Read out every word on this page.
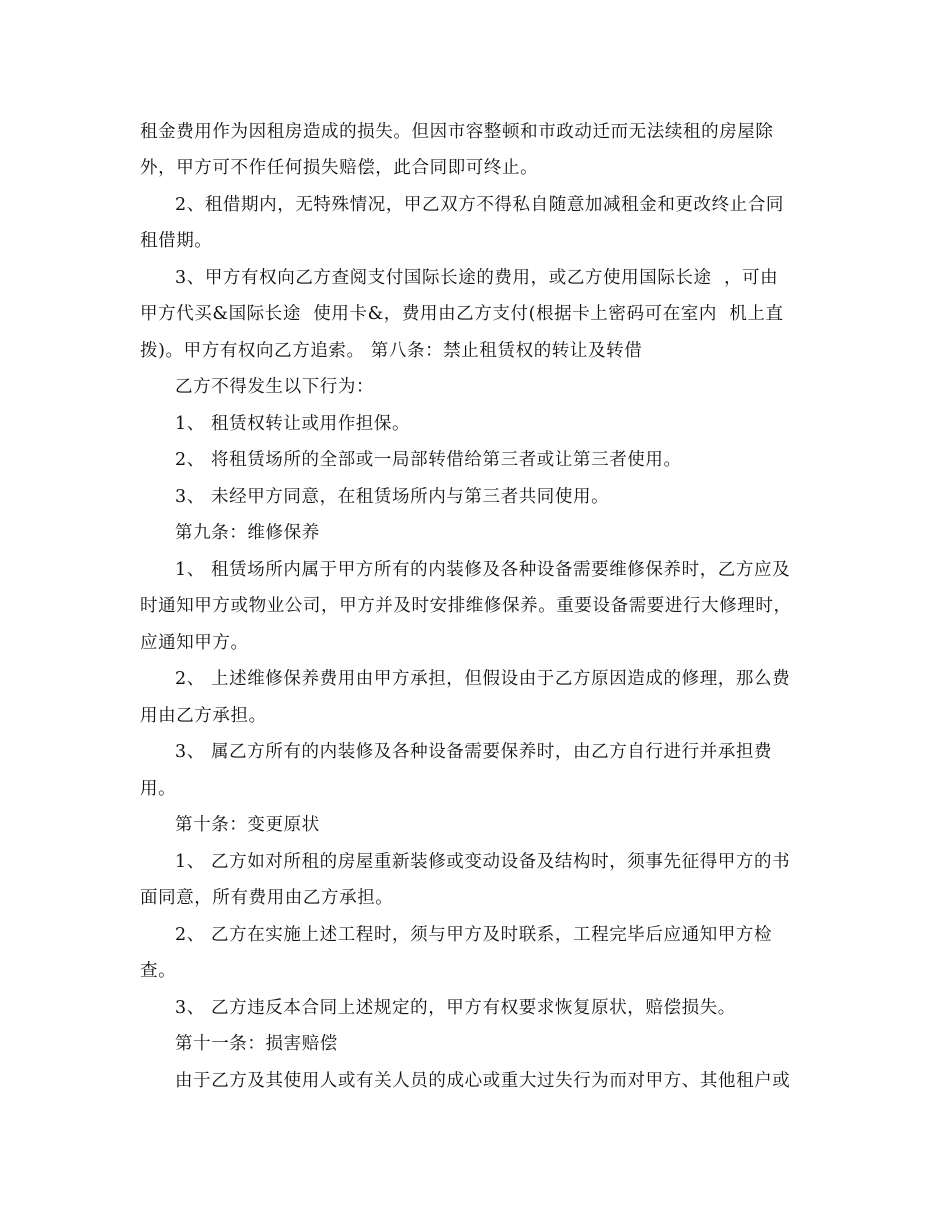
租金费用作为因租房造成的损失。但因市容整顿和市政动迁而无法续租的房屋除
外，甲方可不作任何损失赔偿，此合同即可终止。
2、租借期内，无特殊情况，甲乙双方不得私自随意加减租金和更改终止合同
租借期。
3、甲方有权向乙方查阅支付国际长途的费用，或乙方使用国际长途  ，可由
甲方代买&国际长途  使用卡&，费用由乙方支付(根据卡上密码可在室内  机上直
拨)。甲方有权向乙方追索。 第八条：禁止租赁权的转让及转借
乙方不得发生以下行为：
1、 租赁权转让或用作担保。
2、 将租赁场所的全部或一局部转借给第三者或让第三者使用。
3、 未经甲方同意，在租赁场所内与第三者共同使用。
第九条：维修保养
1、 租赁场所内属于甲方所有的内装修及各种设备需要维修保养时，乙方应及
时通知甲方或物业公司，甲方并及时安排维修保养。重要设备需要进行大修理时，
应通知甲方。
2、 上述维修保养费用由甲方承担，但假设由于乙方原因造成的修理，那么费
用由乙方承担。
3、 属乙方所有的内装修及各种设备需要保养时，由乙方自行进行并承担费
用。
第十条：变更原状
1、 乙方如对所租的房屋重新装修或变动设备及结构时，须事先征得甲方的书
面同意，所有费用由乙方承担。
2、 乙方在实施上述工程时，须与甲方及时联系，工程完毕后应通知甲方检
查。
3、 乙方违反本合同上述规定的，甲方有权要求恢复原状，赔偿损失。
第十一条：损害赔偿
由于乙方及其使用人或有关人员的成心或重大过失行为而对甲方、其他租户或
